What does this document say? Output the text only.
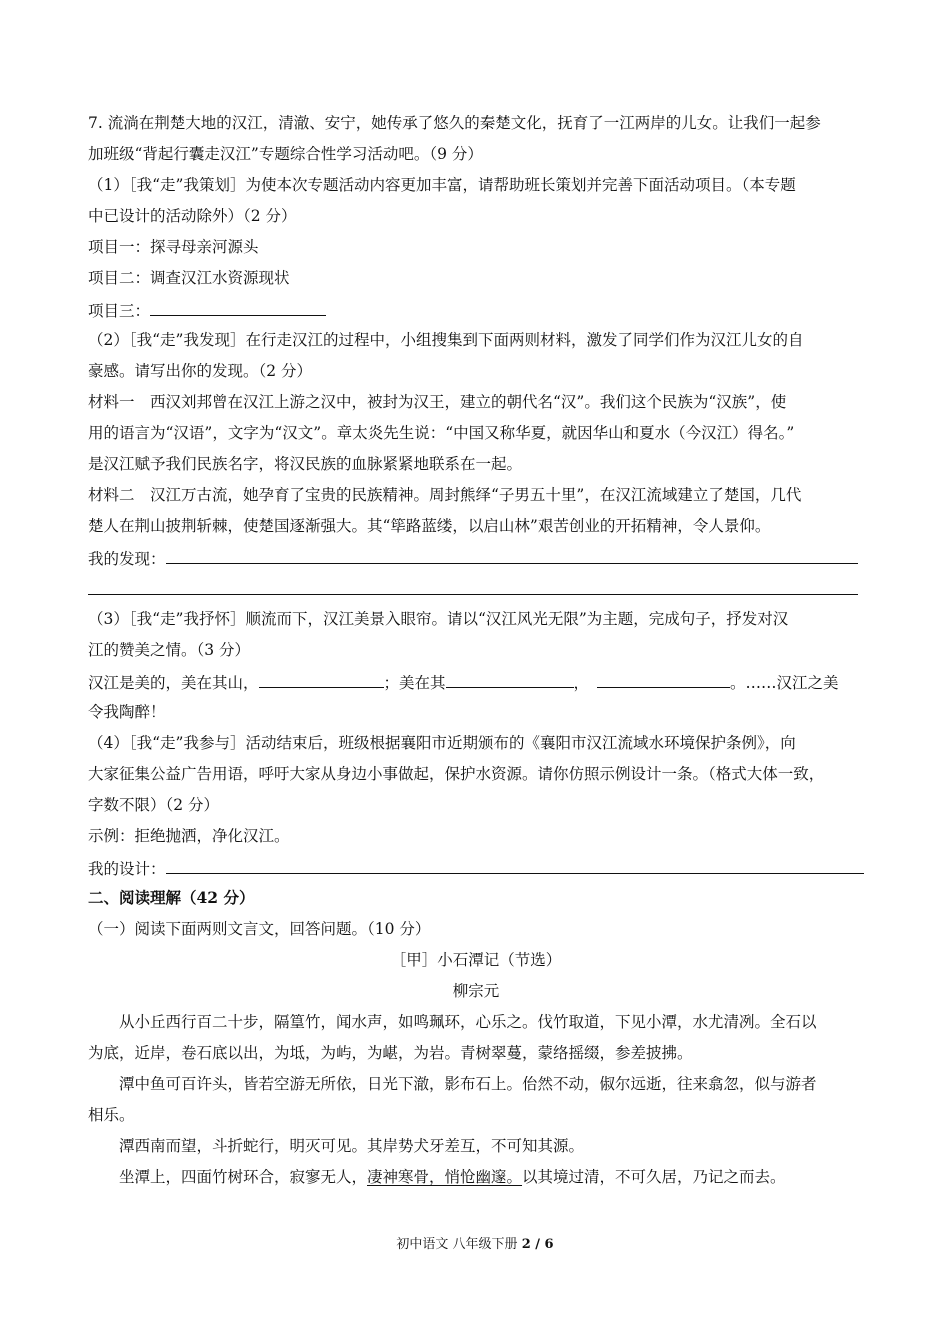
7. 流淌在荆楚大地的汉江，清澈、安宁，她传承了悠久的秦楚文化，抚育了一江两岸的儿女。让我们一起参
加班级“背起行囊走汉江”专题综合性学习活动吧。（9 分）
（1）［我“走”我策划］为使本次专题活动内容更加丰富，请帮助班长策划并完善下面活动项目。（本专题
中已设计的活动除外）（2 分）
项目一：探寻母亲河源头
项目二：调查汉江水资源现状
项目三：
（2）［我“走”我发现］在行走汉江的过程中，小组搜集到下面两则材料，激发了同学们作为汉江儿女的自
豪感。请写出你的发现。（2 分）
材料一　西汉刘邦曾在汉江上游之汉中，被封为汉王，建立的朝代名“汉”。我们这个民族为“汉族”，使
用的语言为“汉语”，文字为“汉文”。章太炎先生说：“中国又称华夏，就因华山和夏水（今汉江）得名。”
是汉江赋予我们民族名字，将汉民族的血脉紧紧地联系在一起。
材料二　汉江万古流，她孕育了宝贵的民族精神。周封熊绎“子男五十里”，在汉江流域建立了楚国，几代
楚人在荆山披荆斩棘，使楚国逐渐强大。其“筚路蓝缕，以启山林”艰苦创业的开拓精神，令人景仰。
我的发现：
（3）［我“走”我抒怀］顺流而下，汉江美景入眼帘。请以“汉江风光无限”为主题，完成句子，抒发对汉
江的赞美之情。（3 分）
汉江是美的，美在其山，	；美在其	，	。……汉江之美
令我陶醉！
（4）［我“走”我参与］活动结束后，班级根据襄阳市近期颁布的《襄阳市汉江流域水环境保护条例》，向
大家征集公益广告用语，呼吁大家从身边小事做起，保护水资源。请你仿照示例设计一条。（格式大体一致，
字数不限）（2 分）
示例：拒绝抛洒，净化汉江。
我的设计：
二、阅读理解（42 分）
（一）阅读下面两则文言文，回答问题。（10 分）
［甲］小石潭记（节选）
柳宗元
从小丘西行百二十步，隔篁竹，闻水声，如鸣珮环，心乐之。伐竹取道，下见小潭，水尤清冽。全石以
为底，近岸，卷石底以出，为坻，为屿，为嵁，为岩。青树翠蔓，蒙络摇缀，参差披拂。
潭中鱼可百许头，皆若空游无所依，日光下澈，影布石上。佁然不动，俶尔远逝，往来翕忽，似与游者
相乐。
潭西南而望，斗折蛇行，明灭可见。其岸势犬牙差互，不可知其源。
坐潭上，四面竹树环合，寂寥无人，凄神寒骨，悄怆幽邃。以其境过清，不可久居，乃记之而去。
初中语文 八年级下册 2 / 6
